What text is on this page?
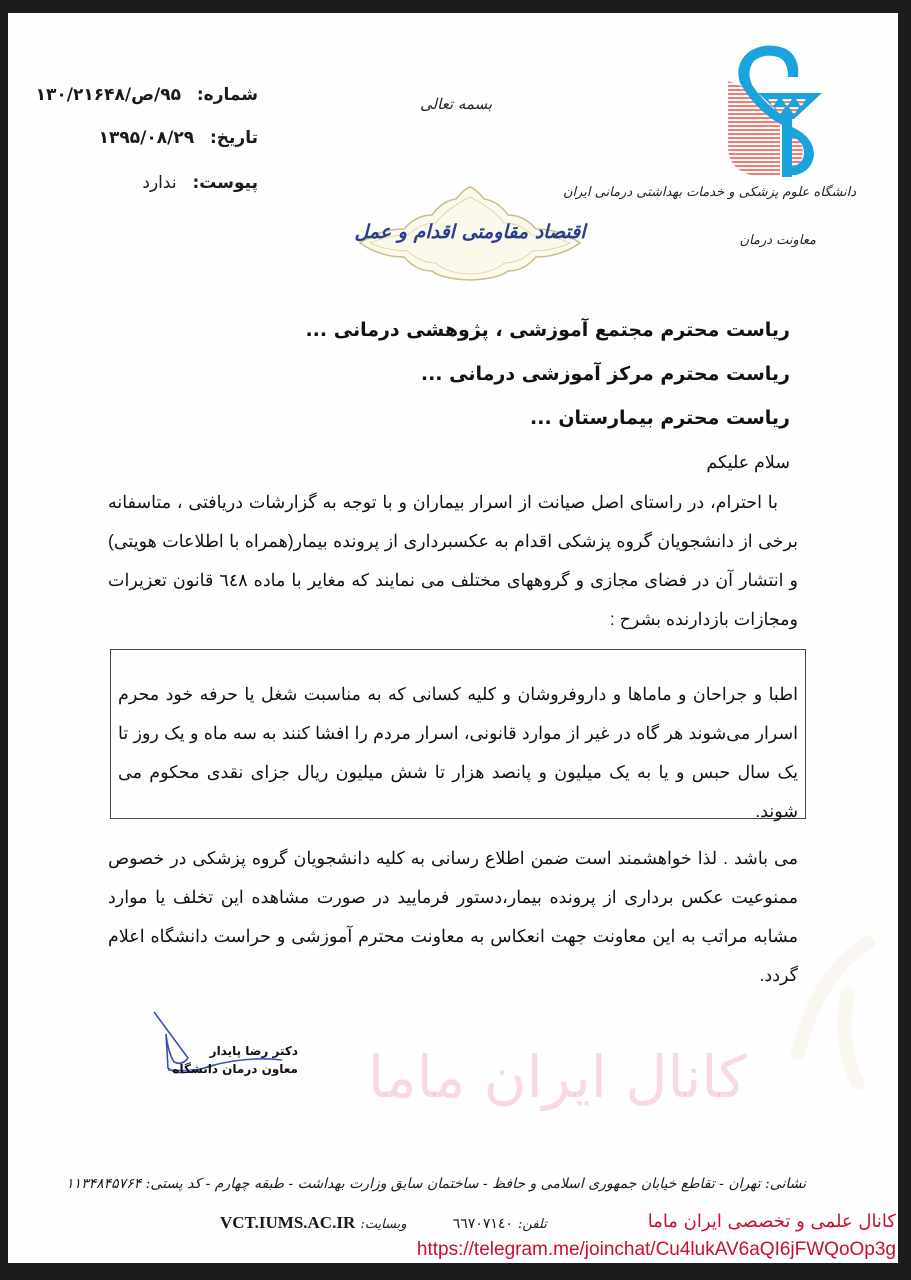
شماره: ۹۵/ص/۱۳۰/۲۱۶۴۸
تاریخ: ۱۳۹۵/۰۸/۲۹
پیوست: ندارد
بسمه تعالی
اقتصاد مقاومتی اقدام و عمل
دانشگاه علوم پزشکی و خدمات بهداشتی درمانی ایران
معاونت درمان
ریاست محترم مجتمع آموزشی ، پژوهشی درمانی ...
ریاست محترم مرکز آموزشی درمانی ...
ریاست محترم بیمارستان ...
سلام علیکم
با احترام، در راستای اصل صیانت از اسرار بیماران و با توجه به گزارشات دریافتی ، متاسفانه برخی از دانشجویان گروه پزشکی اقدام به عکسبرداری از پرونده بیمار(همراه با اطلاعات هویتی) و انتشار آن در فضای مجازی و گروههای مختلف می نمایند که مغایر با ماده ٦٤٨ قانون تعزیرات ومجازات بازدارنده بشرح :
اطبا و جراحان و ماماها و داروفروشان و کلیه کسانی که به مناسبت شغل یا حرفه خود محرم اسرار می‌شوند هر گاه در غیر از موارد قانونی، اسرار مردم را افشا کنند به سه ماه و یک روز تا یک سال حبس و یا به یک میلیون و پانصد هزار تا شش میلیون ریال جزای نقدی محکوم می شوند.
می باشد . لذا خواهشمند است ضمن اطلاع رسانی به کلیه دانشجویان گروه پزشکی در خصوص ممنوعیت عکس برداری از پرونده بیمار،دستور فرمایید در صورت مشاهده این تخلف یا موارد مشابه مراتب به این معاونت جهت انعکاس به معاونت محترم آموزشی و حراست دانشگاه اعلام گردد.
کانال ایران ماما
دکتر رضا پایدار
معاون درمان دانشگاه
نشانی: تهران - تقاطع خیابان جمهوری اسلامی و حافظ - ساختمان سابق وزارت بهداشت - طبقه چهارم - کد پستی: ۱۱۳۴۸۴۵۷۶۴
تلفن: ٦٦٧٠٧١٤٠  وبسایت: VCT.IUMS.AC.IR	کانال علمی و تخصصی ایران ماما
https://telegram.me/joinchat/Cu4lukAV6aQI6jFWQoOp3g
